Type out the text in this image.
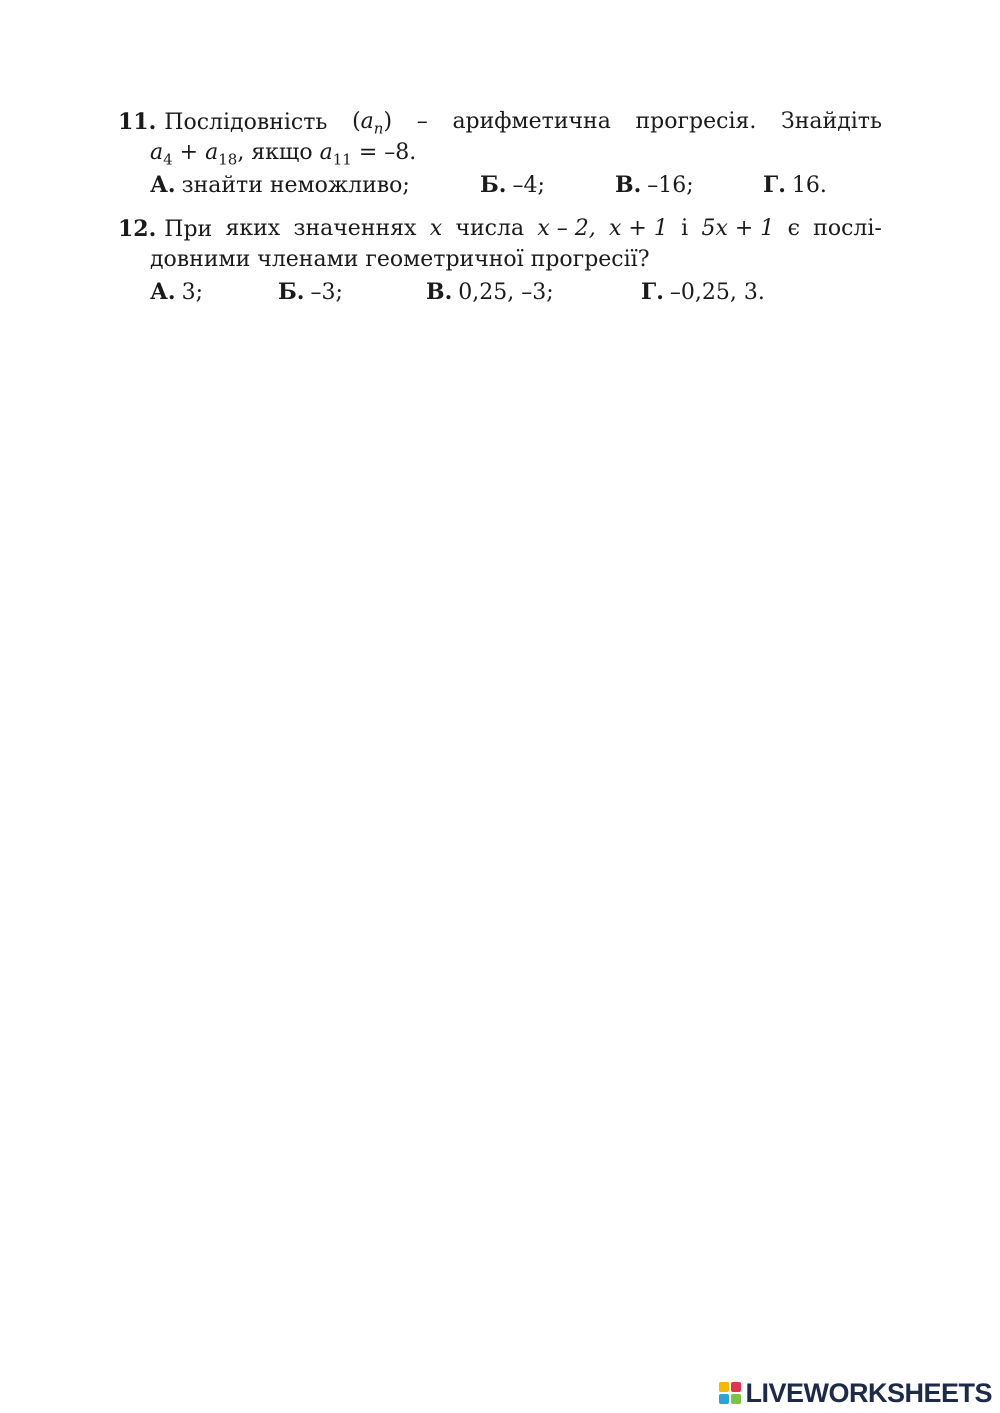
11. Послідовність $(a_n)$ – арифметична прогресія. Знайдіть
$a_4 + a_{18}$, якщо $a_{11} = -8$.
А. знайти неможливо;	Б. –4;	В. –16;	Г. 16.
12. При яких значеннях x числа x – 2, x + 1 і 5x + 1 є послі-
довними членами геометричної прогресії?
А. 3;	Б. –3;	В. 0,25, –3;	Г. –0,25, 3.
LIVEWORKSHEETS
